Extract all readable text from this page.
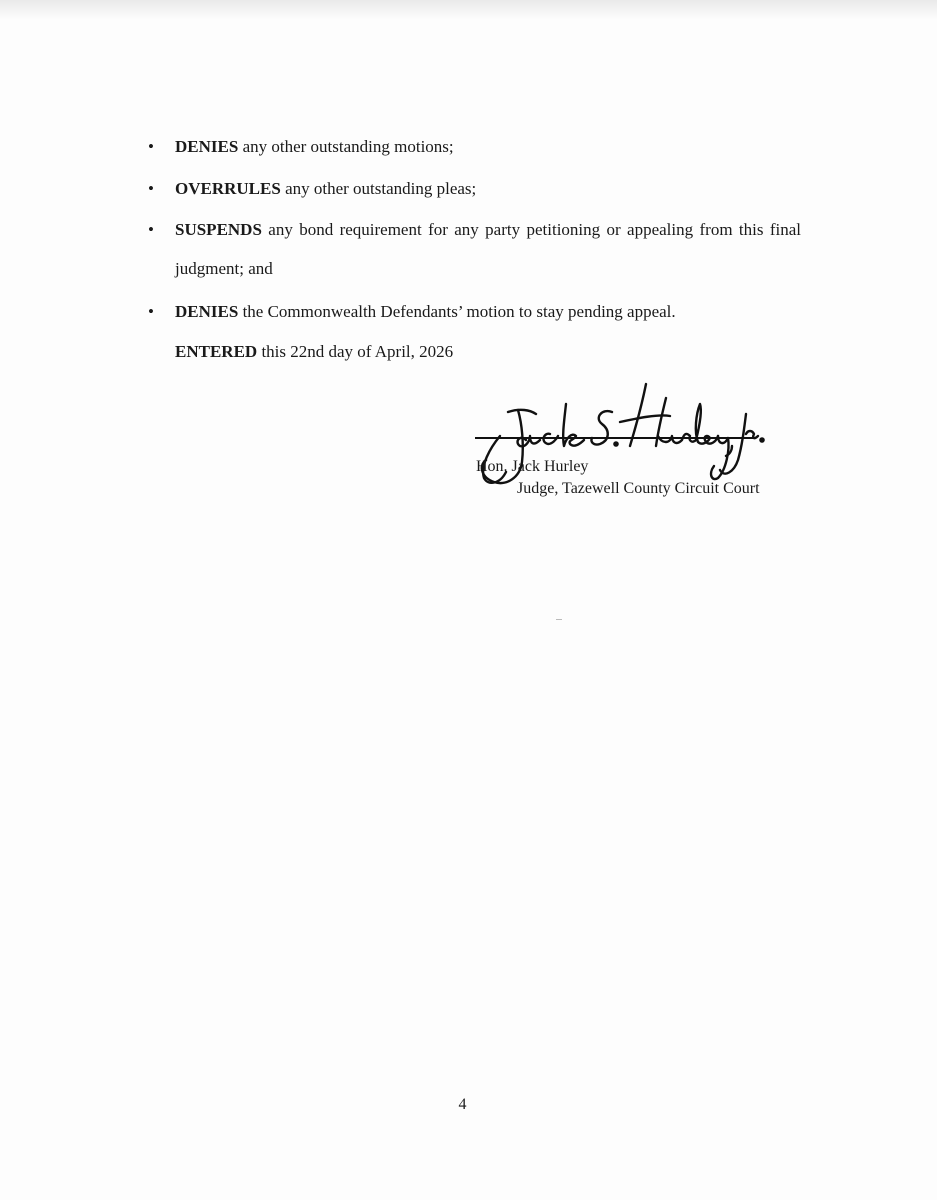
• DENIES any other outstanding motions;
• OVERRULES any other outstanding pleas;
• SUSPENDS any bond requirement for any party petitioning or appealing from this final
judgment; and
• DENIES the Commonwealth Defendants’ motion to stay pending appeal.
ENTERED this 22nd day of April, 2026
Hon. Jack Hurley
Judge, Tazewell County Circuit Court
4
